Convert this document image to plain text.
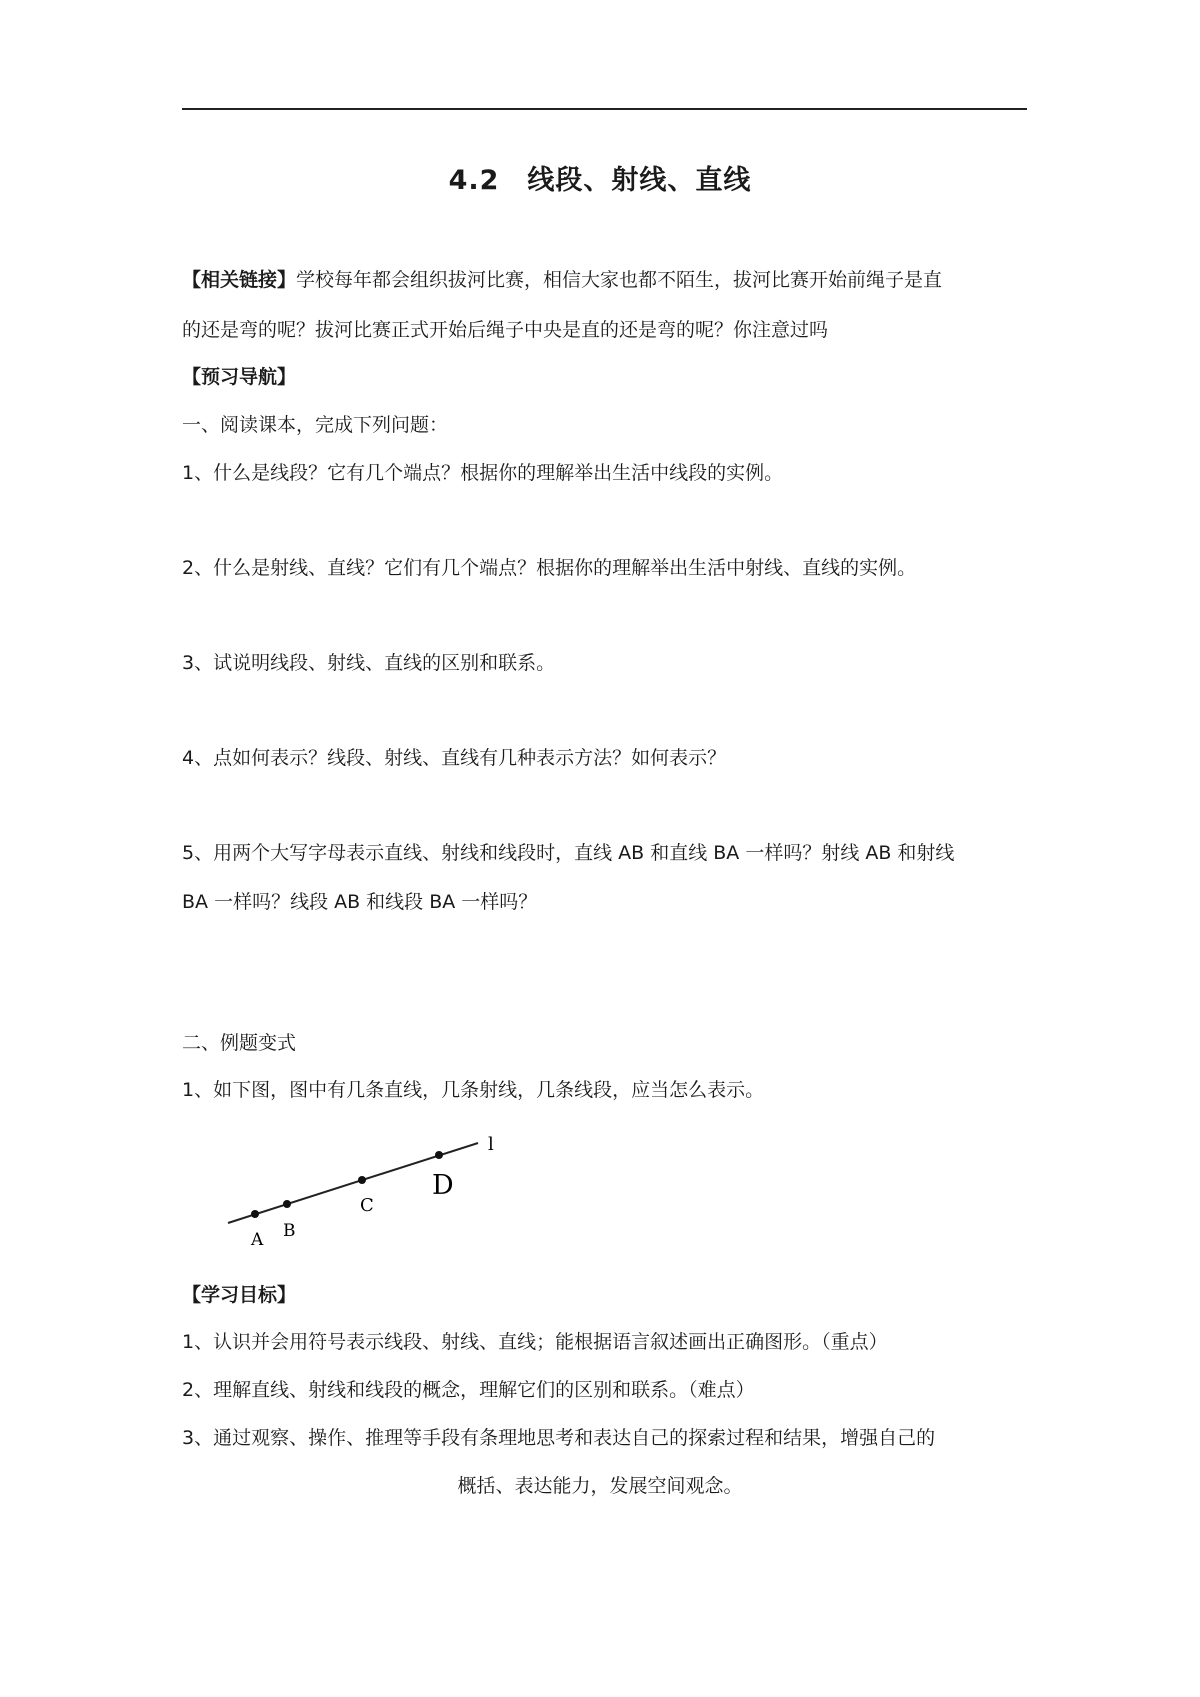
4.2　线段、射线、直线
【相关链接】学校每年都会组织拔河比赛，相信大家也都不陌生，拔河比赛开始前绳子是直
的还是弯的呢？拔河比赛正式开始后绳子中央是直的还是弯的呢？你注意过吗
【预习导航】
一、阅读课本，完成下列问题：
1、什么是线段？它有几个端点？根据你的理解举出生活中线段的实例。
2、什么是射线、直线？它们有几个端点？根据你的理解举出生活中射线、直线的实例。
3、试说明线段、射线、直线的区别和联系。
4、点如何表示？线段、射线、直线有几种表示方法？如何表示？
5、用两个大写字母表示直线、射线和线段时，直线 AB 和直线 BA 一样吗？射线 AB 和射线
BA 一样吗？线段 AB 和线段 BA 一样吗？
二、例题变式
1、如下图，图中有几条直线，几条射线，几条线段，应当怎么表示。
l
A B
C
D
【学习目标】
1、认识并会用符号表示线段、射线、直线；能根据语言叙述画出正确图形。（重点）
2、理解直线、射线和线段的概念，理解它们的区别和联系。（难点）
3、通过观察、操作、推理等手段有条理地思考和表达自己的探索过程和结果，增强自己的
概括、表达能力，发展空间观念。
